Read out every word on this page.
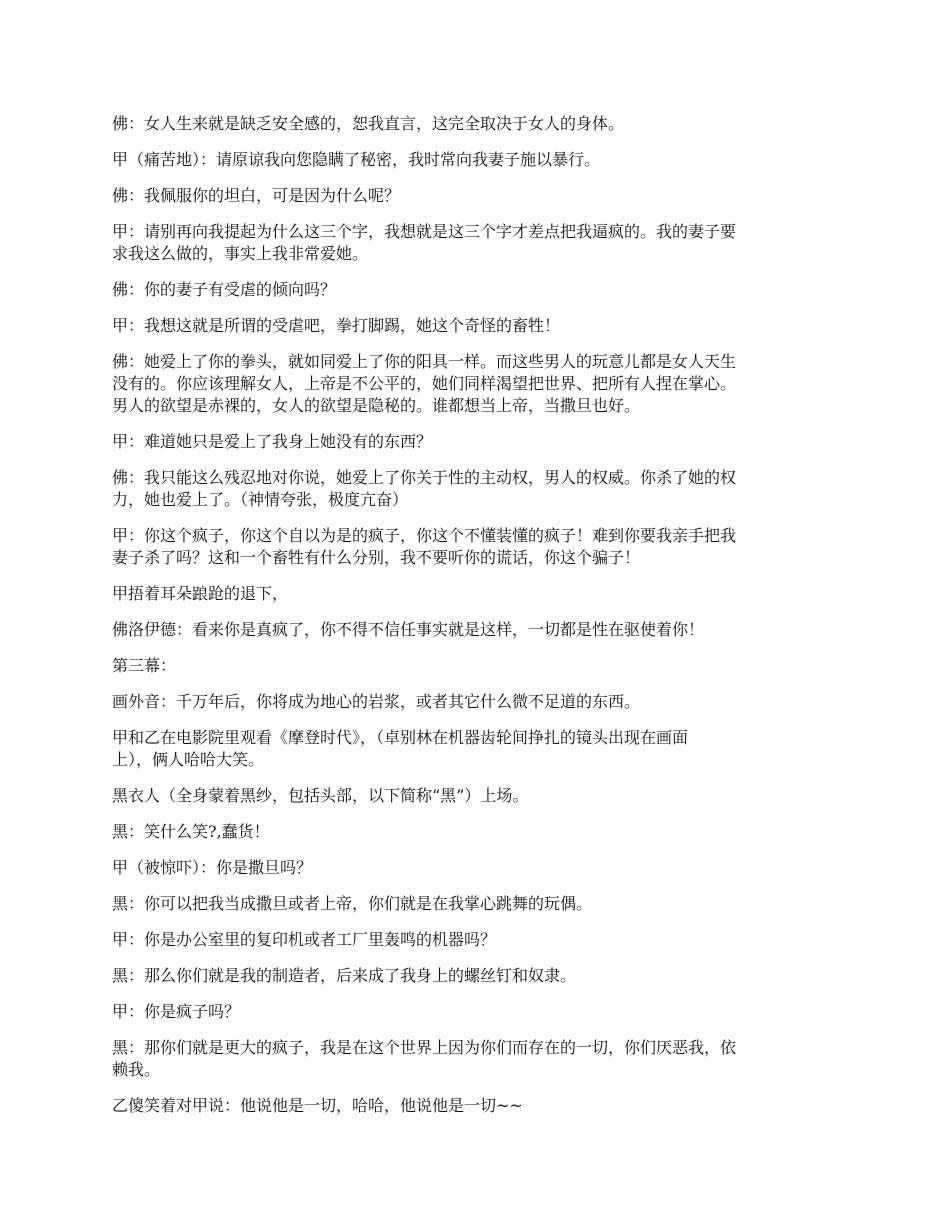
佛：女人生来就是缺乏安全感的，恕我直言，这完全取决于女人的身体。

甲（痛苦地）：请原谅我向您隐瞒了秘密，我时常向我妻子施以暴行。

佛：我佩服你的坦白，可是因为什么呢？

甲：请别再向我提起为什么这三个字，我想就是这三个字才差点把我逼疯的。我的妻子要
求我这么做的，事实上我非常爱她。

佛：你的妻子有受虐的倾向吗？

甲：我想这就是所谓的受虐吧，拳打脚踢，她这个奇怪的畜牲！

佛：她爱上了你的拳头，就如同爱上了你的阳具一样。而这些男人的玩意儿都是女人天生
没有的。你应该理解女人，上帝是不公平的，她们同样渴望把世界、把所有人捏在掌心。
男人的欲望是赤裸的，女人的欲望是隐秘的。谁都想当上帝，当撒旦也好。

甲：难道她只是爱上了我身上她没有的东西？

佛：我只能这么残忍地对你说，她爱上了你关于性的主动权，男人的权威。你杀了她的权
力，她也爱上了。（神情夸张，极度亢奋）

甲：你这个疯子，你这个自以为是的疯子，你这个不懂装懂的疯子！难到你要我亲手把我
妻子杀了吗？这和一个畜牲有什么分别，我不要听你的谎话，你这个骗子！

甲捂着耳朵踉跄的退下，

佛洛伊德：看来你是真疯了，你不得不信任事实就是这样，一切都是性在驱使着你！

第三幕：

画外音：千万年后，你将成为地心的岩浆，或者其它什么微不足道的东西。

甲和乙在电影院里观看《摩登时代》，（卓别林在机器齿轮间挣扎的镜头出现在画面
上），俩人哈哈大笑。

黑衣人（全身蒙着黑纱，包括头部，以下简称“黑”）上场。

黑：笑什么笑?,蠢货！

甲（被惊吓）：你是撒旦吗？

黑：你可以把我当成撒旦或者上帝，你们就是在我掌心跳舞的玩偶。

甲：你是办公室里的复印机或者工厂里轰鸣的机器吗？

黑：那么你们就是我的制造者，后来成了我身上的螺丝钉和奴隶。

甲：你是疯子吗？

黑：那你们就是更大的疯子，我是在这个世界上因为你们而存在的一切，你们厌恶我，依
赖我。

乙傻笑着对甲说：他说他是一切，哈哈，他说他是一切~~
